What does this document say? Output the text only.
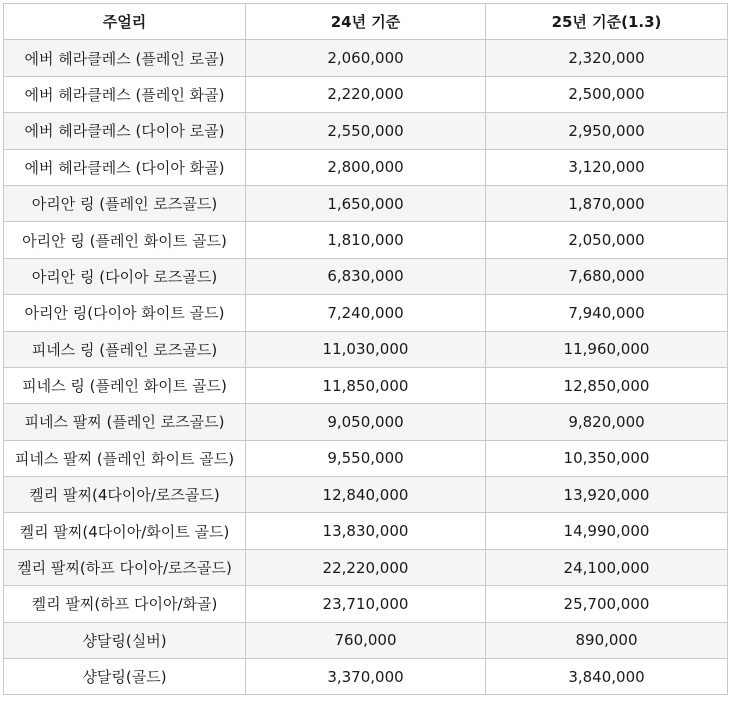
주얼리	24년 기준	25년 기준(1.3)
에버 헤라클레스 (플레인 로골)	2,060,000	2,320,000
에버 헤라클레스 (플레인 화골)	2,220,000	2,500,000
에버 헤라클레스 (다이아 로골)	2,550,000	2,950,000
에버 헤라클레스 (다이아 화골)	2,800,000	3,120,000
아리안 링 (플레인 로즈골드)	1,650,000	1,870,000
아리안 링 (플레인 화이트 골드)	1,810,000	2,050,000
아리안 링 (다이아 로즈골드)	6,830,000	7,680,000
아리안 링(다이아 화이트 골드)	7,240,000	7,940,000
피네스 링 (플레인 로즈골드)	11,030,000	11,960,000
피네스 링 (플레인 화이트 골드)	11,850,000	12,850,000
피네스 팔찌 (플레인 로즈골드)	9,050,000	9,820,000
피네스 팔찌 (플레인 화이트 골드)	9,550,000	10,350,000
켈리 팔찌(4다이아/로즈골드)	12,840,000	13,920,000
켈리 팔찌(4다이아/화이트 골드)	13,830,000	14,990,000
켈리 팔찌(하프 다이아/로즈골드)	22,220,000	24,100,000
켈리 팔찌(하프 다이아/화골)	23,710,000	25,700,000
샹달링(실버)	760,000	890,000
샹달링(골드)	3,370,000	3,840,000
